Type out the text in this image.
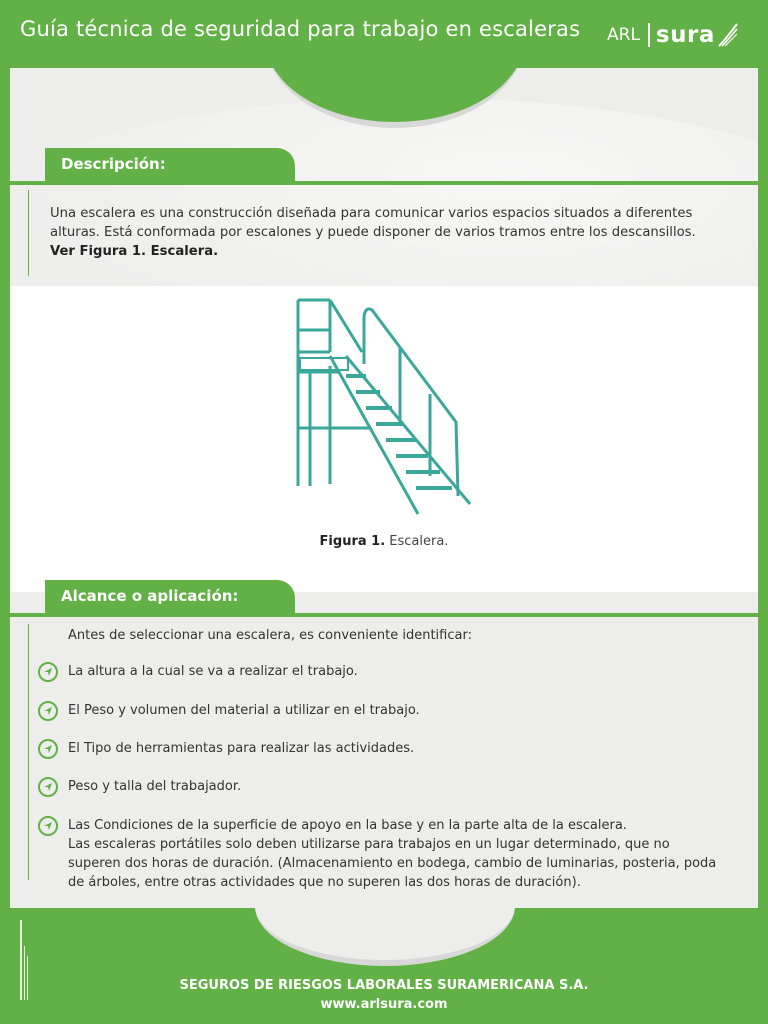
Guía técnica de seguridad para trabajo en escaleras ARL sura
Descripción:
Una escalera es una construcción diseñada para comunicar varios espacios situados a diferentes alturas. Está conformada por escalones y puede disponer de varios tramos entre los descansillos.
Ver Figura 1. Escalera.
Figura 1. Escalera.
Alcance o aplicación:
Antes de seleccionar una escalera, es conveniente identificar:
La altura a la cual se va a realizar el trabajo.
El Peso y volumen del material a utilizar en el trabajo.
El Tipo de herramientas para realizar las actividades.
Peso y talla del trabajador.
Las Condiciones de la superficie de apoyo en la base y en la parte alta de la escalera.
Las escaleras portátiles solo deben utilizarse para trabajos en un lugar determinado, que no
superen dos horas de duración. (Almacenamiento en bodega, cambio de luminarias, posteria, poda
de árboles, entre otras actividades que no superen las dos horas de duración).
SEGUROS DE RIESGOS LABORALES SURAMERICANA S.A.
www.arlsura.com
